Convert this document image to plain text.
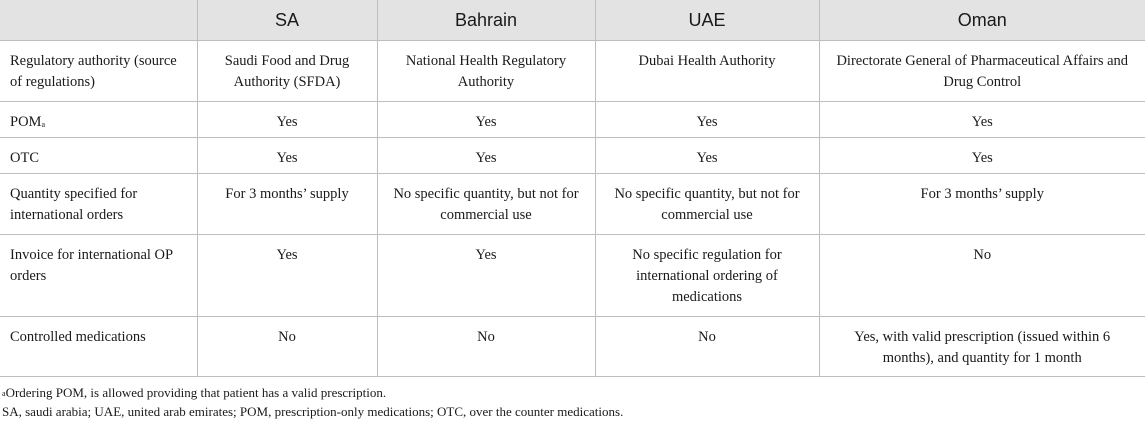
	SA	Bahrain	UAE	Oman
Regulatory authority (source of regulations)	Saudi Food and Drug Authority (SFDA)	National Health Regulatory Authority	Dubai Health Authority	Directorate General of Pharmaceutical Affairs and Drug Control
POM$^a$	Yes	Yes	Yes	Yes
OTC	Yes	Yes	Yes	Yes
Quantity specified for international orders	For 3 months’ supply	No specific quantity, but not for commercial use	No specific quantity, but not for commercial use	For 3 months’ supply
Invoice for international OP orders	Yes	Yes	No specific regulation for international ordering of medications	No
Controlled medications	No	No	No	Yes, with valid prescription (issued within 6 months), and quantity for 1 month
$^a$Ordering POM, is allowed providing that patient has a valid prescription.
SA, saudi arabia; UAE, united arab emirates; POM, prescription-only medications; OTC, over the counter medications.
